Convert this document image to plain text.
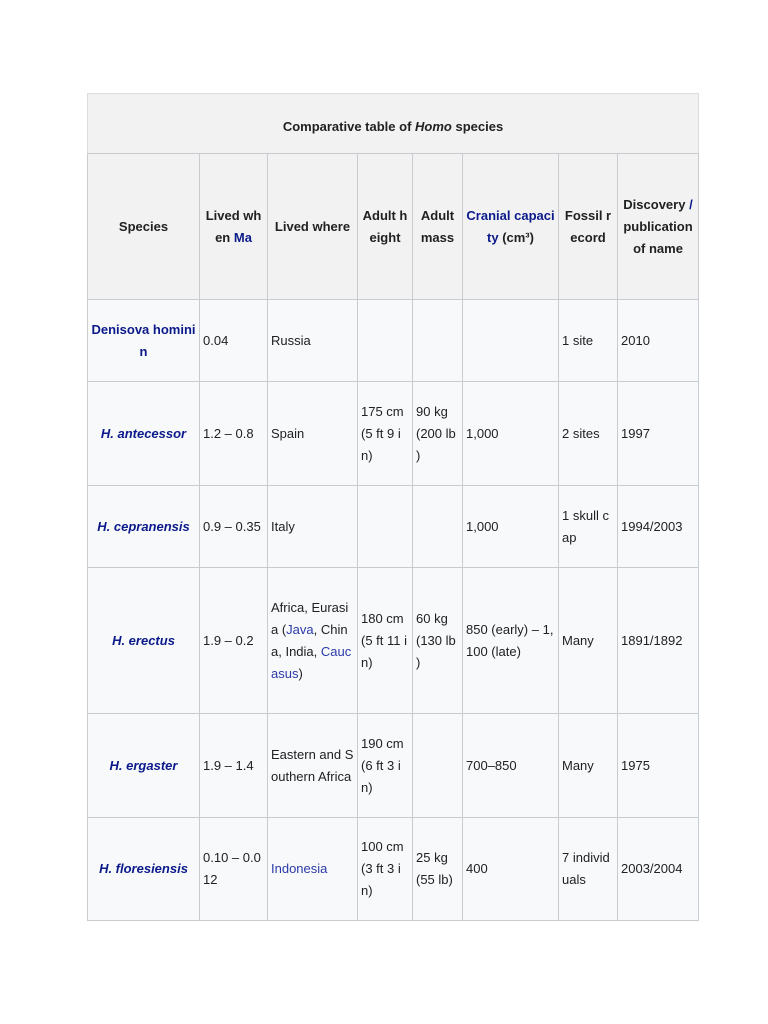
Comparative table of Homo species
Species	Lived when Ma	Lived where	Adult height	Adult mass	Cranial capacity (cm³)	Fossil record	Discovery / publication of name
Denisova hominin	0.04	Russia				1 site	2010
H. antecessor	1.2 – 0.8	Spain	175 cm (5 ft 9 in)	90 kg (200 lb )	1,000	2 sites	1997
H. cepranensis	0.9 – 0.35	Italy			1,000	1 skull cap	1994/2003
H. erectus	1.9 – 0.2	Africa, Eurasia (Java, China, India, Caucasus)	180 cm (5 ft 11 in)	60 kg (130 lb )	850 (early) – 1,100 (late)	Many	1891/1892
H. ergaster	1.9 – 1.4	Eastern and Southern Africa	190 cm (6 ft 3 in)		700–850	Many	1975
H. floresiensis	0.10 – 0.012	Indonesia	100 cm (3 ft 3 in)	25 kg (55 lb)	400	7 individuals	2003/2004
